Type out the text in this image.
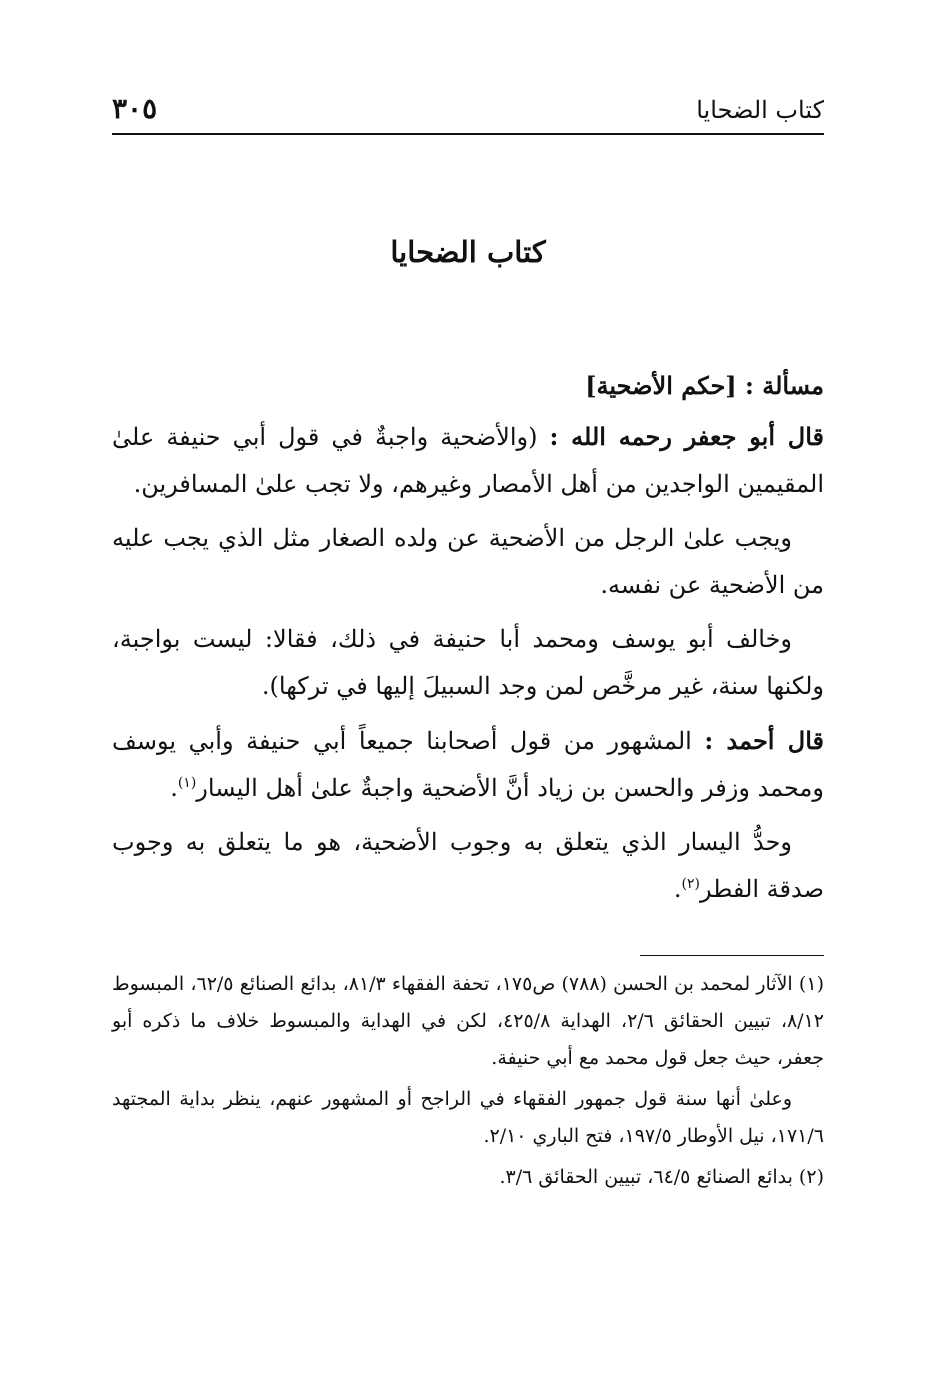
كتاب الضحايا
٣٠٥
كتاب الضحايا

مسألة : [حكم الأضحية]

قال أبو جعفر رحمه الله : (والأضحية واجبةٌ في قول أبي حنيفة علىٰ المقيمين الواجدين من أهل الأمصار وغيرهم، ولا تجب علىٰ المسافرين.

ويجب علىٰ الرجل من الأضحية عن ولده الصغار مثل الذي يجب عليه من الأضحية عن نفسه.

وخالف أبو يوسف ومحمد أبا حنيفة في ذلك، فقالا: ليست بواجبة، ولكنها سنة، غير مرخَّص لمن وجد السبيلَ إليها في تركها).

قال أحمد : المشهور من قول أصحابنا جميعاً أبي حنيفة وأبي يوسف ومحمد وزفر والحسن بن زياد أنَّ الأضحية واجبةٌ علىٰ أهل اليسار$^{(١)}$.

وحدُّ اليسار الذي يتعلق به وجوب الأضحية، هو ما يتعلق به وجوب صدقة الفطر$^{(٢)}$.

(١) الآثار لمحمد بن الحسن (٧٨٨) ص١٧٥، تحفة الفقهاء ٨١/٣، بدائع الصنائع ٦٢/٥، المبسوط ٨/١٢، تبيين الحقائق ٢/٦، الهداية ٤٢٥/٨، لكن في الهداية والمبسوط خلاف ما ذكره أبو جعفر، حيث جعل قول محمد مع أبي حنيفة.

وعلىٰ أنها سنة قول جمهور الفقهاء في الراجح أو المشهور عنهم، ينظر بداية المجتهد ١٧١/٦، نيل الأوطار ١٩٧/٥، فتح الباري ٢/١٠.

(٢) بدائع الصنائع ٦٤/٥، تبيين الحقائق ٣/٦.
